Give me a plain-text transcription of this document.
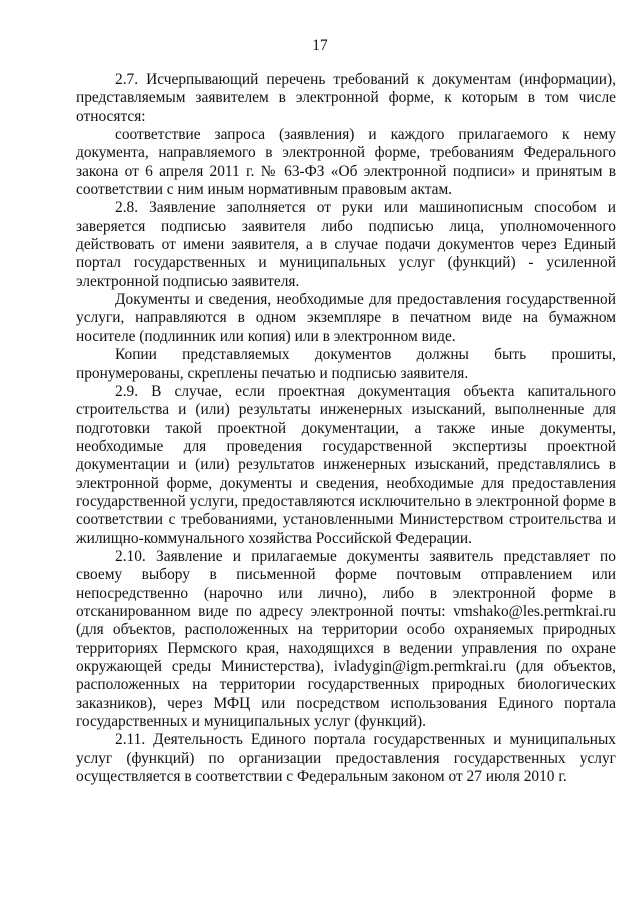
17

2.7. Исчерпывающий перечень требований к документам (информации), представляемым заявителем в электронной форме, к которым в том числе относятся:

соответствие запроса (заявления) и каждого прилагаемого к нему документа, направляемого в электронной форме, требованиям Федерального закона от 6 апреля 2011 г. № 63-ФЗ «Об электронной подписи» и принятым в соответствии с ним иным нормативным правовым актам.

2.8. Заявление заполняется от руки или машинописным способом и заверяется подписью заявителя либо подписью лица, уполномоченного действовать от имени заявителя, а в случае подачи документов через Единый портал государственных и муниципальных услуг (функций) - усиленной электронной подписью заявителя.

Документы и сведения, необходимые для предоставления государственной услуги, направляются в одном экземпляре в печатном виде на бумажном носителе (подлинник или копия) или в электронном виде.

Копии представляемых документов должны быть прошиты, пронумерованы, скреплены печатью и подписью заявителя.

2.9. В случае, если проектная документация объекта капитального строительства и (или) результаты инженерных изысканий, выполненные для подготовки такой проектной документации, а также иные документы, необходимые для проведения государственной экспертизы проектной документации и (или) результатов инженерных изысканий, представлялись в электронной форме, документы и сведения, необходимые для предоставления государственной услуги, предоставляются исключительно в электронной форме в соответствии с требованиями, установленными Министерством строительства и жилищно-коммунального хозяйства Российской Федерации.

2.10. Заявление и прилагаемые документы заявитель представляет по своему выбору в письменной форме почтовым отправлением или непосредственно (нарочно или лично), либо в электронной форме в отсканированном виде по адресу электронной почты: vmshako@les.permkrai.ru (для объектов, расположенных на территории особо охраняемых природных территориях Пермского края, находящихся в ведении управления по охране окружающей среды Министерства), ivladygin@igm.permkrai.ru (для объектов, расположенных на территории государственных природных биологических заказников), через МФЦ или посредством использования Единого портала государственных и муниципальных услуг (функций).

2.11. Деятельность Единого портала государственных и муниципальных услуг (функций) по организации предоставления государственных услуг осуществляется в соответствии с Федеральным законом от 27 июля 2010 г.
